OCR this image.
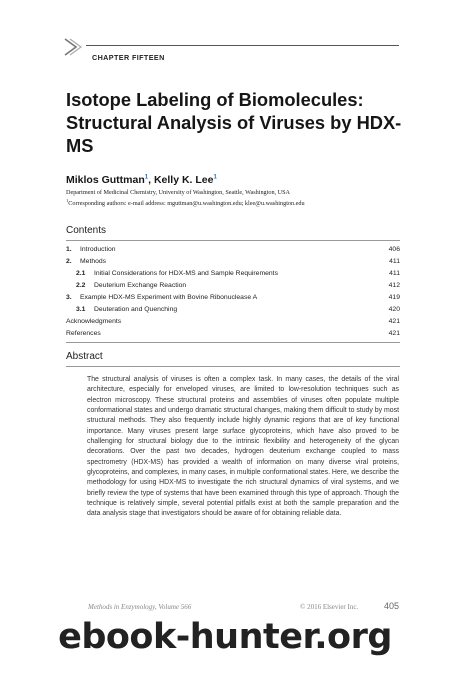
CHAPTER FIFTEEN
Isotope Labeling of Biomolecules: Structural Analysis of Viruses by HDX-MS
Miklos Guttman$^1$, Kelly K. Lee$^1$
Department of Medicinal Chemistry, University of Washington, Seattle, Washington, USA
$^1$Corresponding authors: e-mail address: mguttman@u.washington.edu; klee@u.washington.edu
Contents
1. Introduction	406
2. Methods	411
2.1 Initial Considerations for HDX-MS and Sample Requirements	411
2.2 Deuterium Exchange Reaction	412
3. Example HDX-MS Experiment with Bovine Ribonuclease A	419
3.1 Deuteration and Quenching	420
Acknowledgments	421
References	421
Abstract

The structural analysis of viruses is often a complex task. In many cases, the details of the viral architecture, especially for enveloped viruses, are limited to low-resolution techniques such as electron microscopy. These structural proteins and assemblies of viruses often populate multiple conformational states and undergo dramatic structural changes, making them difficult to study by most structural methods. They also frequently include highly dynamic regions that are of key functional importance. Many viruses present large surface glycoproteins, which have also proved to be challenging for structural biology due to the intrinsic flexibility and heterogeneity of the glycan decorations. Over the past two decades, hydrogen deuterium exchange coupled to mass spectrometry (HDX-MS) has provided a wealth of information on many diverse viral proteins, glycoproteins, and complexes, in many cases, in multiple conformational states. Here, we describe the methodology for using HDX-MS to investigate the rich structural dynamics of viral systems, and we briefly review the type of systems that have been examined through this type of approach. Though the technique is relatively simple, several potential pitfalls exist at both the sample preparation and the data analysis stage that investigators should be aware of for obtaining reliable data.

Methods in Enzymology, Volume 566	© 2016 Elsevier Inc.	405
ebook-hunter.org
